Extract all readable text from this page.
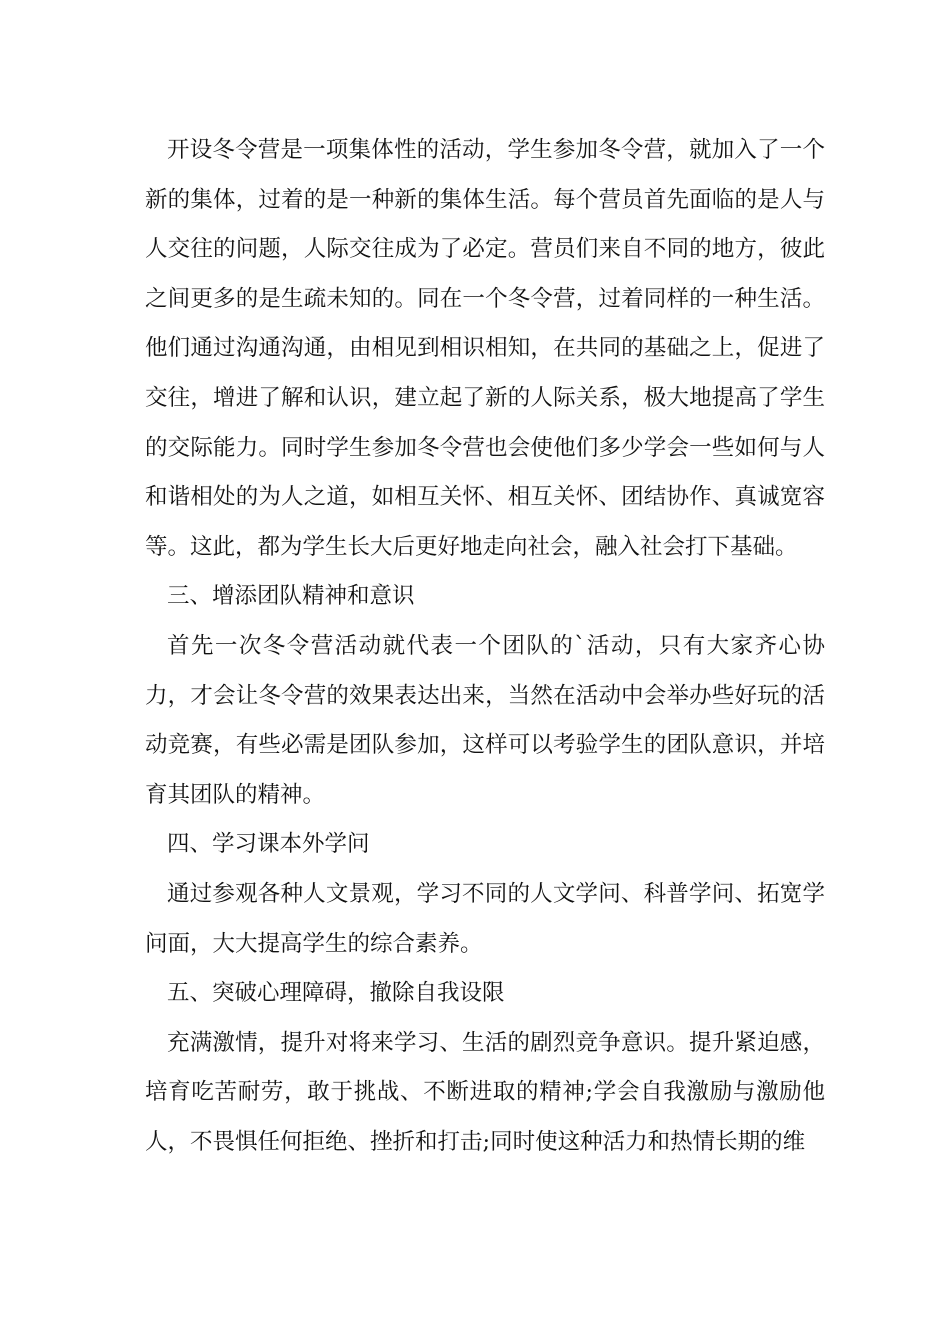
开设冬令营是一项集体性的活动，学生参加冬令营，就加入了一个新的集体，过着的是一种新的集体生活。每个营员首先面临的是人与人交往的问题，人际交往成为了必定。营员们来自不同的地方，彼此之间更多的是生疏未知的。同在一个冬令营，过着同样的一种生活。他们通过沟通沟通，由相见到相识相知，在共同的基础之上，促进了交往，增进了解和认识，建立起了新的人际关系，极大地提高了学生的交际能力。同时学生参加冬令营也会使他们多少学会一些如何与人和谐相处的为人之道，如相互关怀、相互关怀、团结协作、真诚宽容等。这此，都为学生长大后更好地走向社会，融入社会打下基础。

三、增添团队精神和意识

首先一次冬令营活动就代表一个团队的`活动，只有大家齐心协力，才会让冬令营的效果表达出来，当然在活动中会举办些好玩的活动竞赛，有些必需是团队参加，这样可以考验学生的团队意识，并培育其团队的精神。

四、学习课本外学问

通过参观各种人文景观，学习不同的人文学问、科普学问、拓宽学问面，大大提高学生的综合素养。

五、突破心理障碍，撤除自我设限

充满激情，提升对将来学习、生活的剧烈竞争意识。提升紧迫感，培育吃苦耐劳，敢于挑战、不断进取的精神;学会自我激励与激励他人，不畏惧任何拒绝、挫折和打击;同时使这种活力和热情长期的维
